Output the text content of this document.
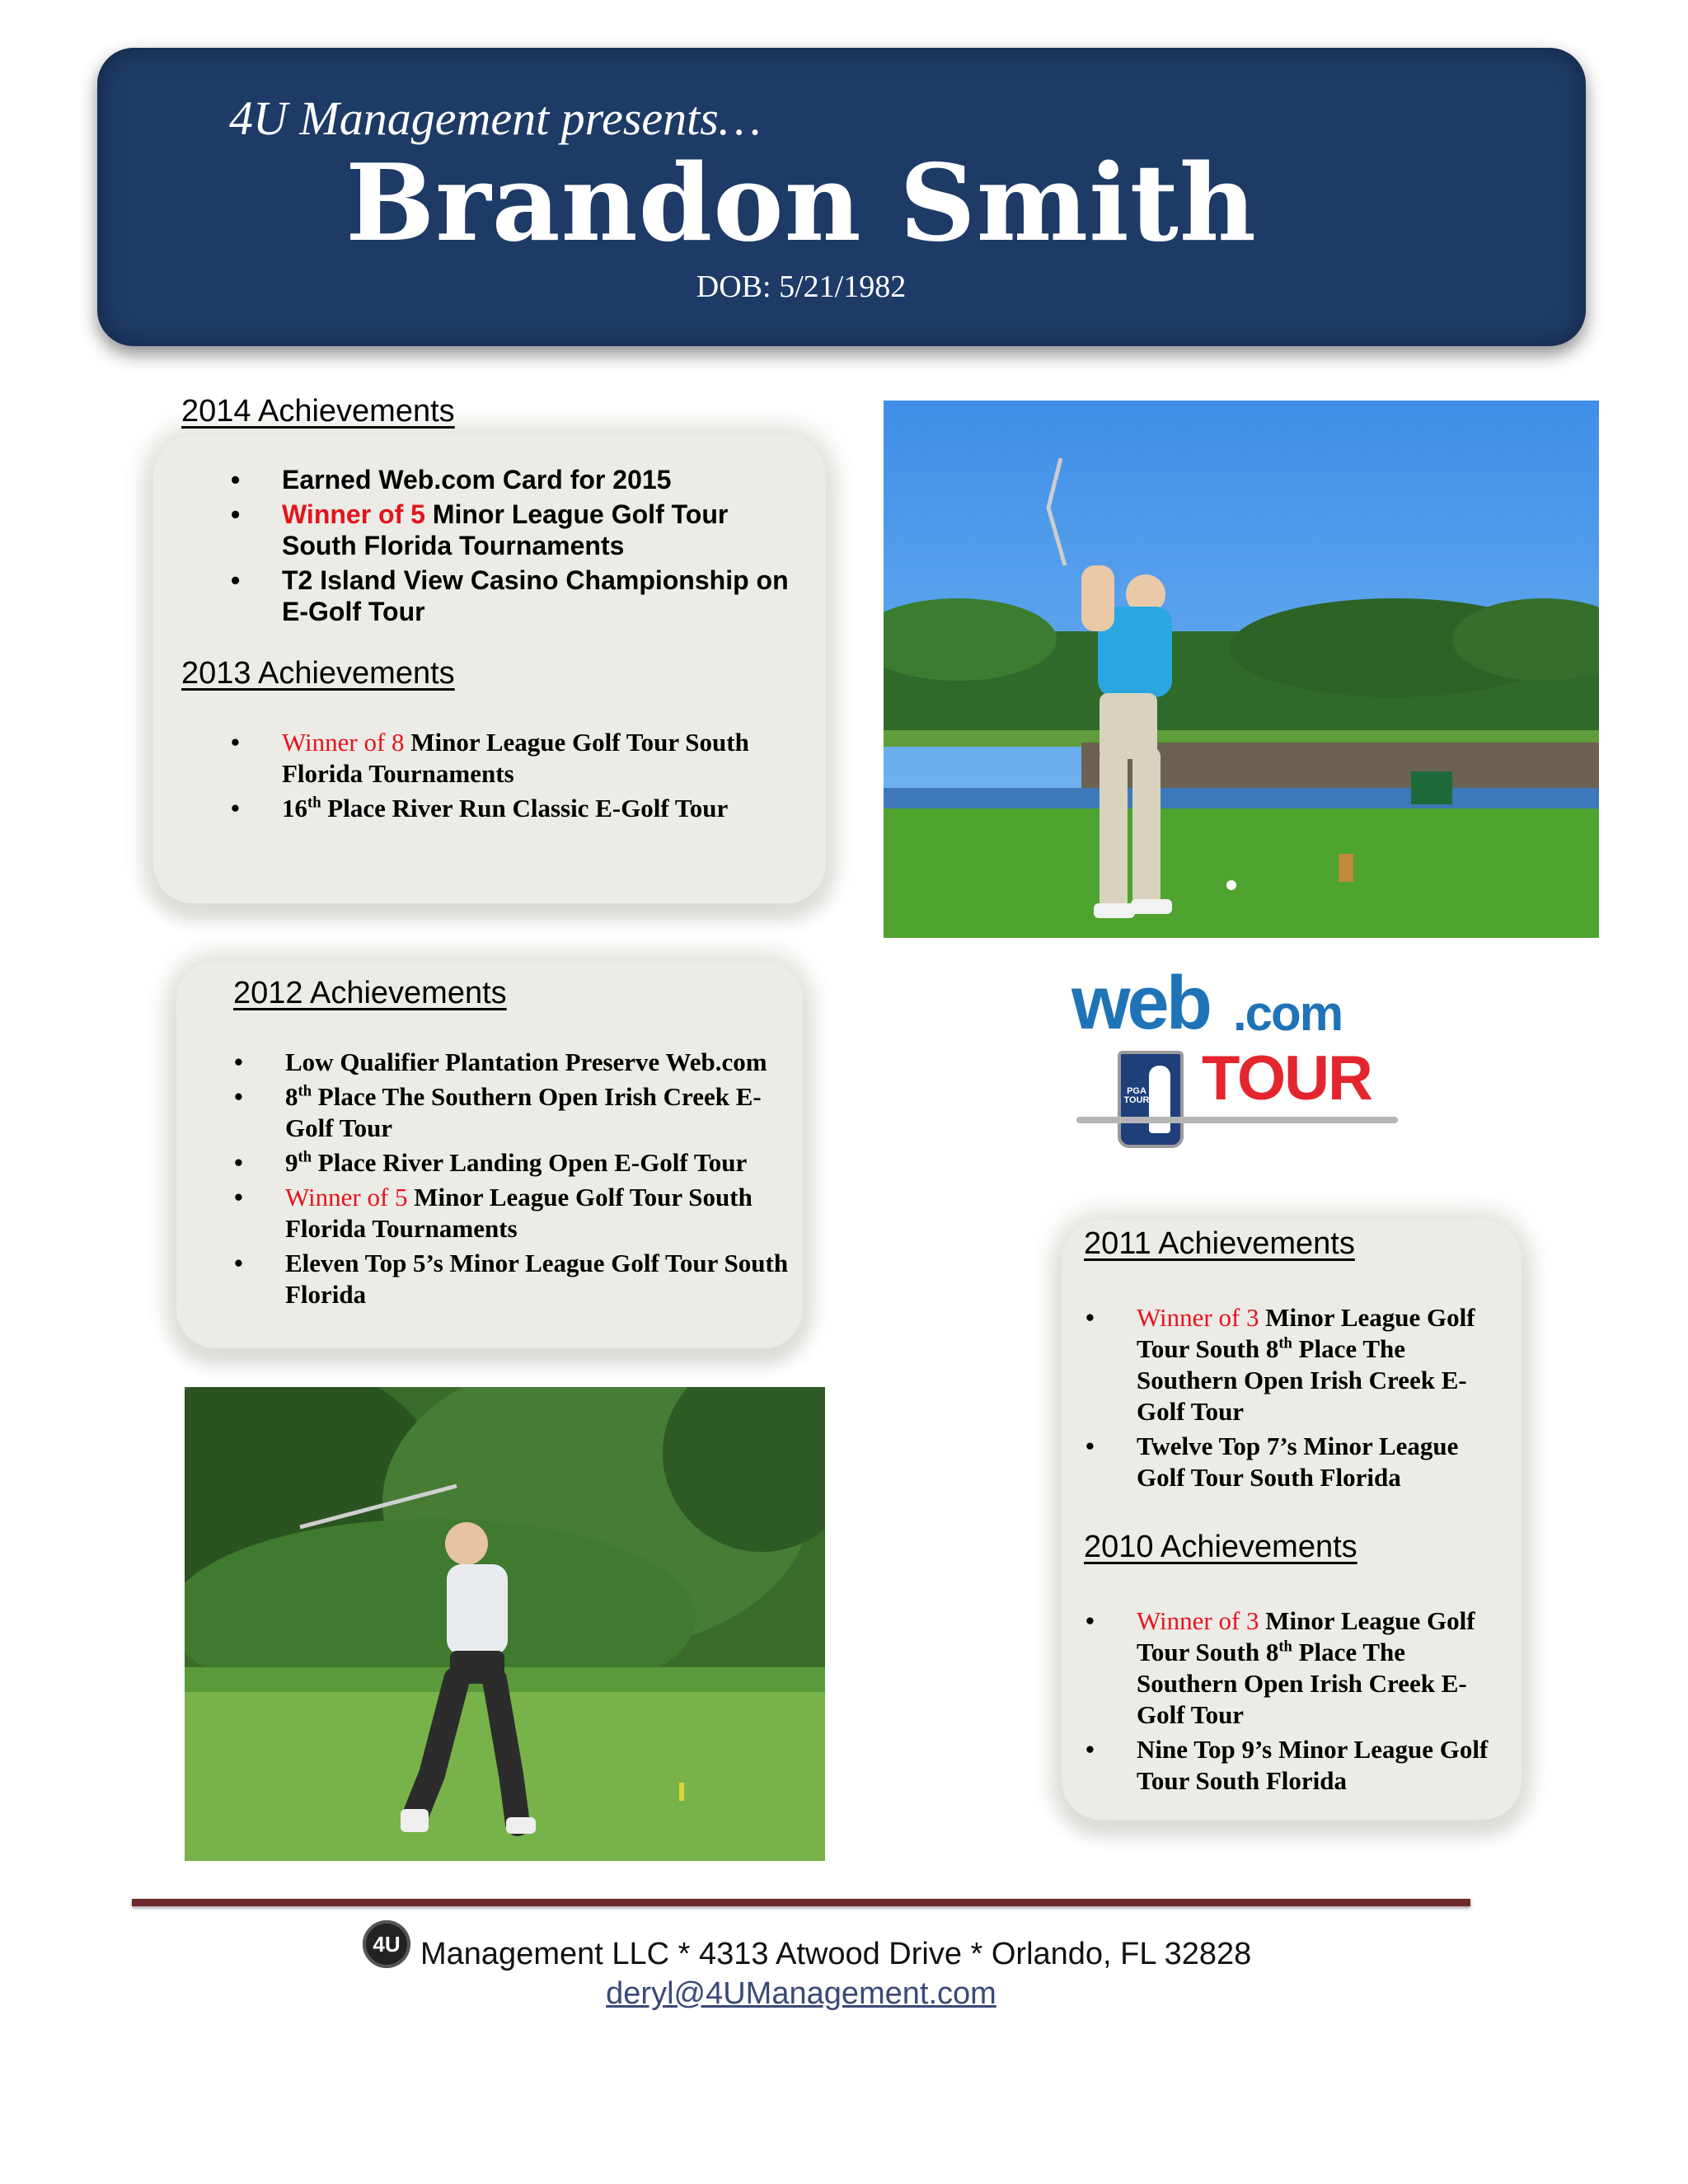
4U Management presents…
Brandon Smith
DOB: 5/21/1982
2014 Achievements
• Earned Web.com Card for 2015
• Winner of 5 Minor League Golf Tour South Florida Tournaments
• T2 Island View Casino Championship on E-Golf Tour
2013 Achievements
• Winner of 8 Minor League Golf Tour South Florida Tournaments
• 16th Place River Run Classic E-Golf Tour
web .com
PGA TOUR TOUR
2012 Achievements
• Low Qualifier Plantation Preserve Web.com
• 8th Place The Southern Open Irish Creek E-Golf Tour
• 9th Place River Landing Open E-Golf Tour
• Winner of 5 Minor League Golf Tour South Florida Tournaments
• Eleven Top 5’s Minor League Golf Tour South Florida
2011 Achievements
• Winner of 3 Minor League Golf Tour South 8th Place The Southern Open Irish Creek E-Golf Tour
• Twelve Top 7’s Minor League Golf Tour South Florida
2010 Achievements
• Winner of 3 Minor League Golf Tour South 8th Place The Southern Open Irish Creek E-Golf Tour
• Nine Top 9’s Minor League Golf Tour South Florida
4U Management LLC * 4313 Atwood Drive * Orlando, FL 32828
deryl@4UManagement.com
